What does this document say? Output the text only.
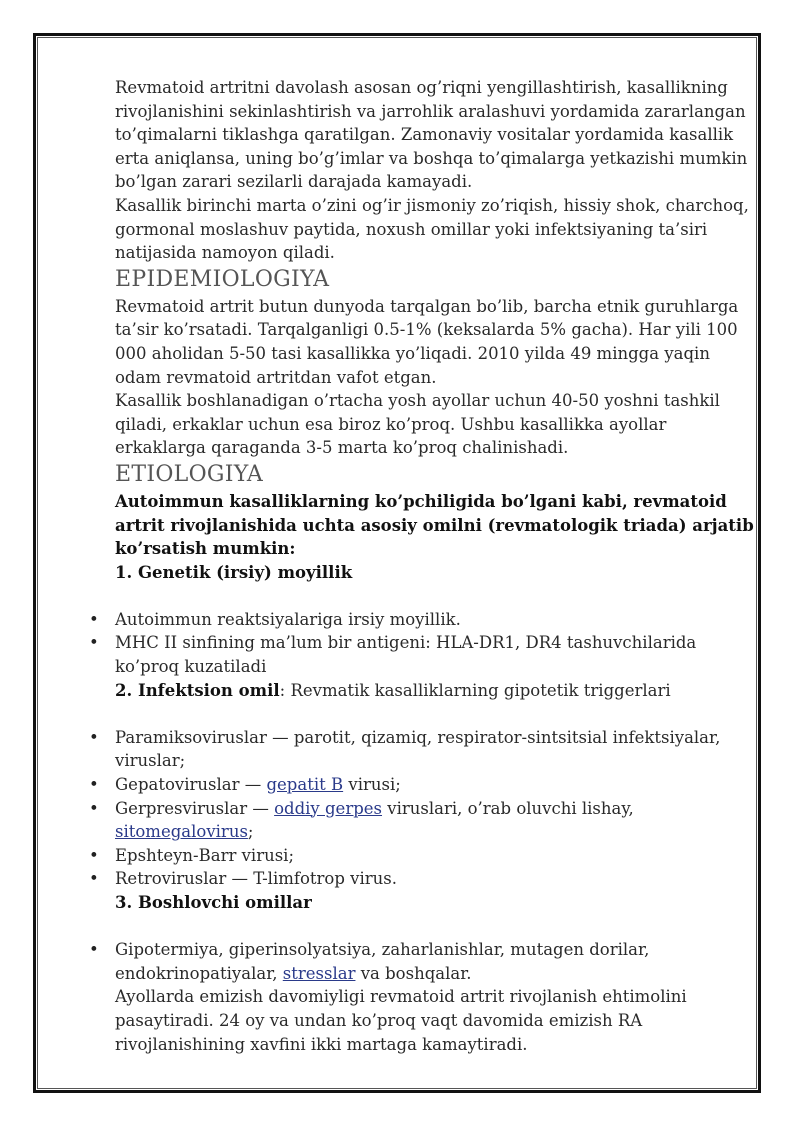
Revmatoid artritni davolash asosan og’riqni yengillashtirish, kasallikning rivojlanishini sekinlashtirish va jarrohlik aralashuvi yordamida zararlangan to’qimalarni tiklashga qaratilgan. Zamonaviy vositalar yordamida kasallik erta aniqlansa, uning bo’g’imlar va boshqa to’qimalarga yetkazishi mumkin bo’lgan zarari sezilarli darajada kamayadi.

Kasallik birinchi marta o’zini og’ir jismoniy zo’riqish, hissiy shok, charchoq, gormonal moslashuv paytida, noxush omillar yoki infektsiyaning ta’siri natijasida namoyon qiladi.

EPIDEMIOLOGIYA

Revmatoid artrit butun dunyoda tarqalgan bo’lib, barcha etnik guruhlarga ta’sir ko’rsatadi. Tarqalganligi 0.5-1% (keksalarda 5% gacha). Har yili 100 000 aholidan 5-50 tasi kasallikka yo’liqadi. 2010 yilda 49 mingga yaqin odam revmatoid artritdan vafot etgan.

Kasallik boshlanadigan o’rtacha yosh ayollar uchun 40-50 yoshni tashkil qiladi, erkaklar uchun esa biroz ko’proq. Ushbu kasallikka ayollar erkaklarga qaraganda 3-5 marta ko’proq chalinishadi.

ETIOLOGIYA

Autoimmun kasalliklarning ko’pchiligida bo’lgani kabi, revmatoid artrit rivojlanishida uchta asosiy omilni (revmatologik triada) arjatib ko’rsatish mumkin:

1. Genetik (irsiy) moyillik

• Autoimmun reaktsiyalariga irsiy moyillik.
• MHC II sinfining ma’lum bir antigeni: HLA-DR1, DR4 tashuvchilarida ko’proq kuzatiladi

2. Infektsion omil: Revmatik kasalliklarning gipotetik triggerlari

• Paramiksoviruslar — parotit, qizamiq, respirator-sintsitsial infektsiyalar, viruslar;
• Gepatoviruslar — gepatit B virusi;
• Gerpresviruslar — oddiy gerpes viruslari, o’rab oluvchi lishay, sitomegalovirus;
• Epshteyn-Barr virusi;
• Retroviruslar — T-limfotrop virus.

3. Boshlovchi omillar

• Gipotermiya, giperinsolyatsiya, zaharlanishlar, mutagen dorilar, endokrinopatiyalar, stresslar va boshqalar.

Ayollarda emizish davomiyligi revmatoid artrit rivojlanish ehtimolini pasaytiradi. 24 oy va undan ko’proq vaqt davomida emizish RA rivojlanishining xavfini ikki martaga kamaytiradi.
